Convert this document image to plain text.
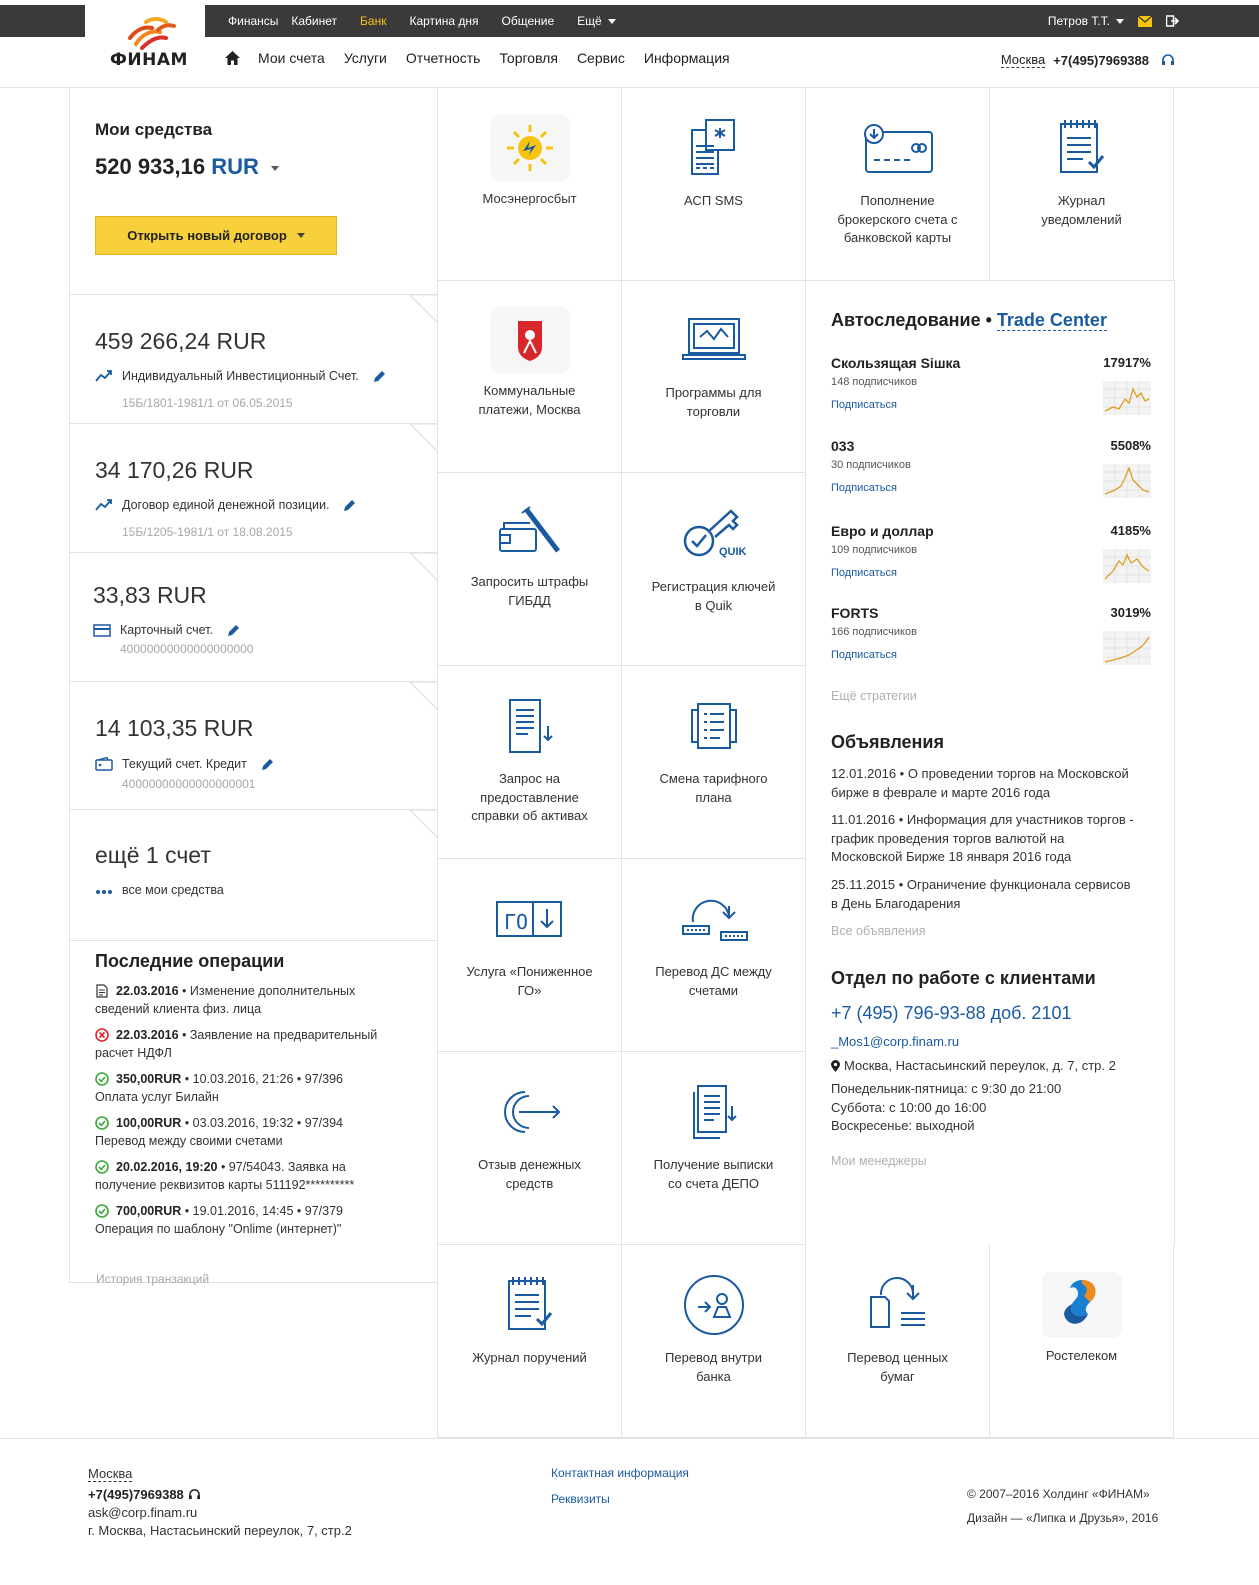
Финансы Кабинет Банк Картина дня Общение Ещё	Петров Т.Т.
ФИНАМ	Мои счета Услуги Отчетность Торговля Сервис Информация	Москва +7(495)7969388
Мои средства
520 933,16 RUR
Открыть новый договор
459 266,24 RUR
Индивидуальный Инвестиционный Счет.
15Б/1801-1981/1 от 06.05.2015
34 170,26 RUR
Договор единой денежной позиции.
15Б/1205-1981/1 от 18.08.2015
33,83 RUR
Карточный счет.
40000000000000000000
14 103,35 RUR
Текущий счет. Кредит
40000000000000000001
ещё 1 счет
все мои средства
Последние операции
22.03.2016 • Изменение дополнительных
сведений клиента физ. лица
22.03.2016 • Заявление на предварительный
расчет НДФЛ
350,00RUR • 10.03.2016, 21:26 • 97/396
Оплата услуг Билайн
100,00RUR • 03.03.2016, 19:32 • 97/394
Перевод между своими счетами
20.02.2016, 19:20 • 97/54043. Заявка на
получение реквизитов карты 511192**********
700,00RUR • 19.01.2016, 14:45 • 97/379
Операция по шаблону "Onlime (интернет)"
История транзакций
Мосэнергосбыт	АСП SMS	Пополнение
брокерского счета с
банковской карты
Журнал
уведомлений
Коммунальные
платежи, Москва
Программы для
торговли
Запросить штрафы
ГИБДД
QUIK
Регистрация ключей
в Quik
Запрос на
предоставление
справки об активах
Смена тарифного
плана
ГО
Услуга «Пониженное
ГО»
Перевод ДС между
счетами
Отзыв денежных
средств
Получение выписки
со счета ДЕПО
Журнал поручений	Перевод внутри
банка
Перевод ценных
бумаг
Ростелеком
Автоследование • Trade Center
Скользящая Sішка	17917%
148 подписчиков
Подписаться
033	5508%
30 подписчиков
Подписаться
Евро и доллар	4185%
109 подписчиков
Подписаться
FORTS	3019%
166 подписчиков
Подписаться
Ещё стратегии
Объявления
12.01.2016 • О проведении торгов на Московской
бирже в феврале и марте 2016 года
11.01.2016 • Информация для участников торгов -
график проведения торгов валютой на
Московской Бирже 18 января 2016 года
25.11.2015 • Ограничение функционала сервисов
в День Благодарения
Все объявления
Отдел по работе с клиентами
+7 (495) 796-93-88 доб. 2101
_Mos1@corp.finam.ru
Москва, Настасьинский переулок, д. 7, стр. 2
Понедельник-пятница: с 9:30 до 21:00
Суббота: с 10:00 до 16:00
Воскресенье: выходной
Мои менеджеры
Москва
+7(495)7969388
ask@corp.finam.ru
г. Москва, Настасьинский переулок, 7, стр.2
Контактная информация
Реквизиты	© 2007–2016 Холдинг «ФИНАМ»
Дизайн — «Липка и Друзья», 2016
